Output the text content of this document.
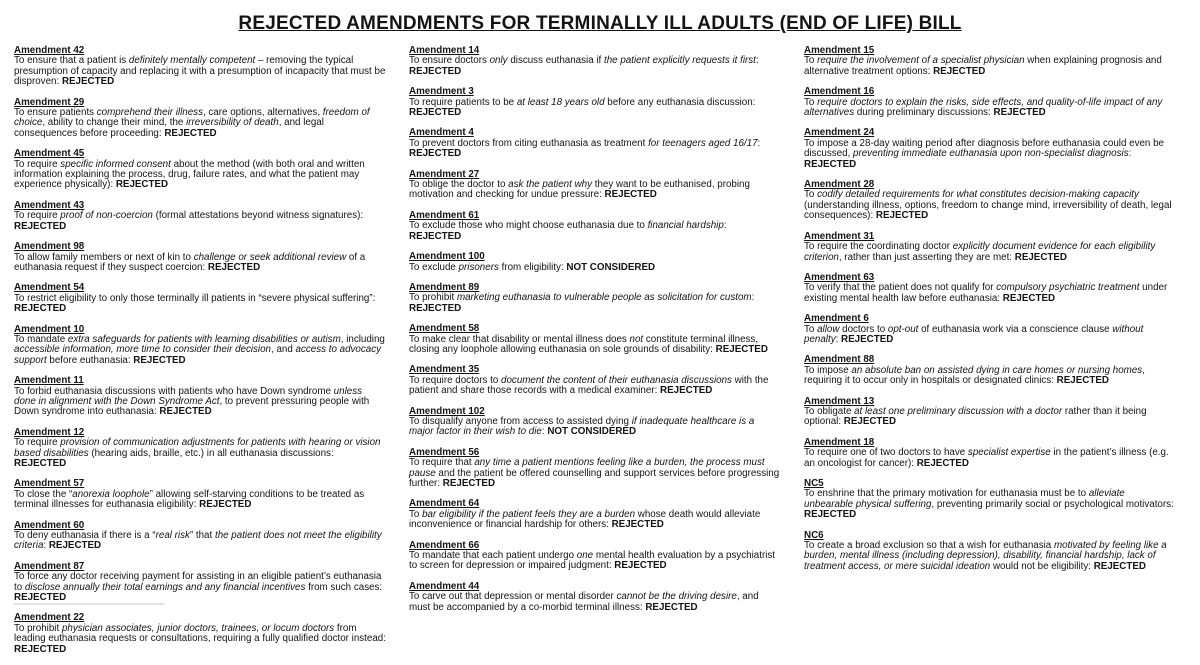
REJECTED AMENDMENTS FOR TERMINALLY ILL ADULTS (END OF LIFE) BILL
Amendment 42

To ensure that a patient is definitely mentally competent – removing the typical presumption of capacity and replacing it with a presumption of incapacity that must be disproven: REJECTED

Amendment 29

To ensure patients comprehend their illness, care options, alternatives, freedom of choice, ability to change their mind, the irreversibility of death, and legal consequences before proceeding: REJECTED

Amendment 45

To require specific informed consent about the method (with both oral and written information explaining the process, drug, failure rates, and what the patient may experience physically): REJECTED

Amendment 43

To require proof of non-coercion (formal attestations beyond witness signatures): REJECTED

Amendment 98

To allow family members or next of kin to challenge or seek additional review of a euthanasia request if they suspect coercion: REJECTED

Amendment 54

To restrict eligibility to only those terminally ill patients in “severe physical suffering”: REJECTED

Amendment 10

To mandate extra safeguards for patients with learning disabilities or autism, including accessible information, more time to consider their decision, and access to advocacy support before euthanasia: REJECTED

Amendment 11

To forbid euthanasia discussions with patients who have Down syndrome unless done in alignment with the Down Syndrome Act, to prevent pressuring people with Down syndrome into euthanasia: REJECTED

Amendment 12

To require provision of communication adjustments for patients with hearing or vision based disabilities (hearing aids, braille, etc.) in all euthanasia discussions: REJECTED

Amendment 57

To close the “anorexia loophole” allowing self-starving conditions to be treated as terminal illnesses for euthanasia eligibility: REJECTED

Amendment 60

To deny euthanasia if there is a “real risk” that the patient does not meet the eligibility criteria: REJECTED

Amendment 87

To force any doctor receiving payment for assisting in an eligible patient’s euthanasia to disclose annually their total earnings and any financial incentives from such cases: REJECTED

Amendment 22

To prohibit physician associates, junior doctors, trainees, or locum doctors from leading euthanasia requests or consultations, requiring a fully qualified doctor instead: REJECTED

Amendment 14

To ensure doctors only discuss euthanasia if the patient explicitly requests it first: REJECTED

Amendment 3

To require patients to be at least 18 years old before any euthanasia discussion: REJECTED

Amendment 4

To prevent doctors from citing euthanasia as treatment for teenagers aged 16/17: REJECTED

Amendment 27

To oblige the doctor to ask the patient why they want to be euthanised, probing motivation and checking for undue pressure: REJECTED

Amendment 61

To exclude those who might choose euthanasia due to financial hardship: REJECTED

Amendment 100

To exclude prisoners from eligibility: NOT CONSIDERED

Amendment 89

To prohibit marketing euthanasia to vulnerable people as solicitation for custom: REJECTED

Amendment 58

To make clear that disability or mental illness does not constitute terminal illness, closing any loophole allowing euthanasia on sole grounds of disability: REJECTED

Amendment 35

To require doctors to document the content of their euthanasia discussions with the patient and share those records with a medical examiner: REJECTED

Amendment 102

To disqualify anyone from access to assisted dying if inadequate healthcare is a major factor in their wish to die: NOT CONSIDERED

Amendment 56

To require that any time a patient mentions feeling like a burden, the process must pause and the patient be offered counselling and support services before progressing further: REJECTED

Amendment 64

To bar eligibility if the patient feels they are a burden whose death would alleviate inconvenience or financial hardship for others: REJECTED

Amendment 66

To mandate that each patient undergo one mental health evaluation by a psychiatrist to screen for depression or impaired judgment: REJECTED

Amendment 44

To carve out that depression or mental disorder cannot be the driving desire, and must be accompanied by a co-morbid terminal illness: REJECTED

Amendment 15

To require the involvement of a specialist physician when explaining prognosis and alternative treatment options: REJECTED

Amendment 16

To require doctors to explain the risks, side effects, and quality-of-life impact of any alternatives during preliminary discussions: REJECTED

Amendment 24

To impose a 28-day waiting period after diagnosis before euthanasia could even be discussed, preventing immediate euthanasia upon non-specialist diagnosis: REJECTED

Amendment 28

To codify detailed requirements for what constitutes decision-making capacity (understanding illness, options, freedom to change mind, irreversibility of death, legal consequences): REJECTED

Amendment 31

To require the coordinating doctor explicitly document evidence for each eligibility criterion, rather than just asserting they are met: REJECTED

Amendment 63

To verify that the patient does not qualify for compulsory psychiatric treatment under existing mental health law before euthanasia: REJECTED

Amendment 6

To allow doctors to opt-out of euthanasia work via a conscience clause without penalty: REJECTED

Amendment 88

To impose an absolute ban on assisted dying in care homes or nursing homes, requiring it to occur only in hospitals or designated clinics: REJECTED

Amendment 13

To obligate at least one preliminary discussion with a doctor rather than it being optional: REJECTED

Amendment 18

To require one of two doctors to have specialist expertise in the patient’s illness (e.g. an oncologist for cancer): REJECTED

NC5

To enshrine that the primary motivation for euthanasia must be to alleviate unbearable physical suffering, preventing primarily social or psychological motivators: REJECTED

NC6

To create a broad exclusion so that a wish for euthanasia motivated by feeling like a burden, mental illness (including depression), disability, financial hardship, lack of treatment access, or mere suicidal ideation would not be eligibility: REJECTED
